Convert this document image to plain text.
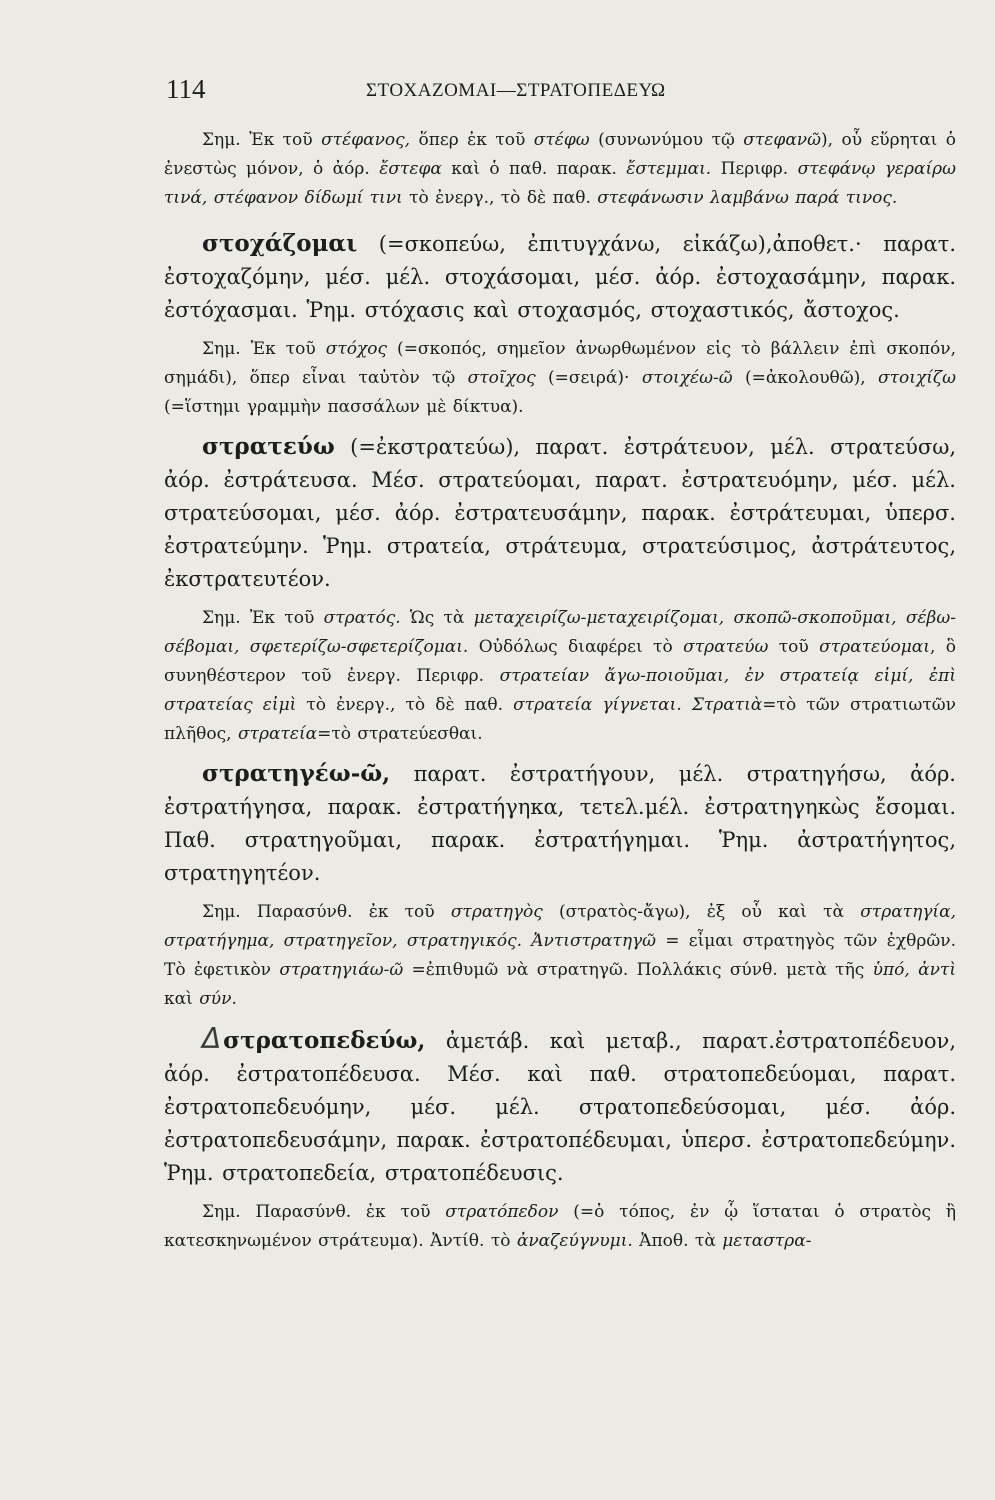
114	ΣΤΟΧΑΖΟΜΑΙ—ΣΤΡΑΤΟΠΕΔΕΥΩ

Σημ. Ἐκ τοῦ στέφανος, ὅπερ ἐκ τοῦ στέφω (συνωνύμου τῷ στεφανῶ), οὗ εὕρηται ὁ ἐνεστὼς μόνον, ὁ ἀόρ. ἔστεφα καὶ ὁ παθ. παρακ. ἔστεμμαι. Περιφρ. στεφάνῳ γεραίρω τινά, στέφανον δίδωμί τινι τὸ ἐνεργ., τὸ δὲ παθ. στεφάνωσιν λαμβάνω παρά τινος.

στοχάζομαι (=σκοπεύω, ἐπιτυγχάνω, εἰκάζω),ἀποθετ.· παρατ. ἐστοχαζόμην, μέσ. μέλ. στοχάσομαι, μέσ. ἀόρ. ἐστοχασάμην, παρακ. ἐστόχασμαι. Ῥημ. στόχασις καὶ στοχασμός, στοχαστικός, ἄστοχος.

Σημ. Ἐκ τοῦ στόχος (=σκοπός, σημεῖον ἀνωρθωμένον εἰς τὸ βάλλειν ἐπὶ σκοπόν, σημάδι), ὅπερ εἶναι ταὐτὸν τῷ στοῖχος (=σειρά)· στοιχέω-ῶ (=ἀκολουθῶ), στοιχίζω (=ἵστημι γραμμὴν πασσάλων μὲ δίκτυα).

στρατεύω (=ἐκστρατεύω), παρατ. ἐστράτευον, μέλ. στρατεύσω, ἀόρ. ἐστράτευσα. Μέσ. στρατεύομαι, παρατ. ἐστρατευόμην, μέσ. μέλ. στρατεύσομαι, μέσ. ἀόρ. ἐστρατευσάμην, παρακ. ἐστράτευμαι, ὑπερσ. ἐστρατεύμην. Ῥημ. στρατεία, στράτευμα, στρατεύσιμος, ἀστράτευτος, ἐκστρατευτέον.

Σημ. Ἐκ τοῦ στρατός. Ὡς τὰ μεταχειρίζω-μεταχειρίζομαι, σκοπῶ-σκοποῦμαι, σέβω-σέβομαι, σφετερίζω-σφετερίζομαι. Οὐδόλως διαφέρει τὸ στρατεύω τοῦ στρατεύομαι, ὃ συνηθέστερον τοῦ ἐνεργ. Περιφρ. στρατείαν ἄγω-ποιοῦμαι, ἐν στρατείᾳ εἰμί, ἐπὶ στρατείας εἰμὶ τὸ ἐνεργ., τὸ δὲ παθ. στρατεία γίγνεται. Στρατιὰ=τὸ τῶν στρατιωτῶν πλῆθος, στρατεία=τὸ στρατεύεσθαι.

στρατηγέω-ῶ, παρατ. ἐστρατήγουν, μέλ. στρατηγήσω, ἀόρ. ἐστρατήγησα, παρακ. ἐστρατήγηκα, τετελ.μέλ. ἐστρατηγηκὼς ἔσομαι. Παθ. στρατηγοῦμαι, παρακ. ἐστρατήγημαι. Ῥημ. ἀστρατήγητος, στρατηγητέον.

Σημ. Παρασύνθ. ἐκ τοῦ στρατηγὸς (στρατὸς-ἄγω), ἐξ οὗ καὶ τὰ στρατηγία, στρατήγημα, στρατηγεῖον, στρατηγικός. Ἀντιστρατηγῶ = εἶμαι στρατηγὸς τῶν ἐχθρῶν. Τὸ ἐφετικὸν στρατηγιάω-ῶ =ἐπιθυμῶ νὰ στρατηγῶ. Πολλάκις σύνθ. μετὰ τῆς ὑπό, ἀντὶ καὶ σύν.

Δστρατοπεδεύω, ἀμετάβ. καὶ μεταβ., παρατ.ἐστρατοπέδευον, ἀόρ. ἐστρατοπέδευσα. Μέσ. καὶ παθ. στρατοπεδεύομαι, παρατ. ἐστρατοπεδευόμην, μέσ. μέλ. στρατοπεδεύσομαι, μέσ. ἀόρ. ἐστρατοπεδευσάμην, παρακ. ἐστρατοπέδευμαι, ὑπερσ. ἐστρατοπεδεύμην. Ῥημ. στρατοπεδεία, στρατοπέδευσις.

Σημ. Παρασύνθ. ἐκ τοῦ στρατόπεδον (=ὁ τόπος, ἐν ᾧ ἵσταται ὁ στρατὸς ἢ κατεσκηνωμένον στράτευμα). Ἀντίθ. τὸ ἀναζεύγνυμι. Ἀποθ. τὰ μεταστρα-
